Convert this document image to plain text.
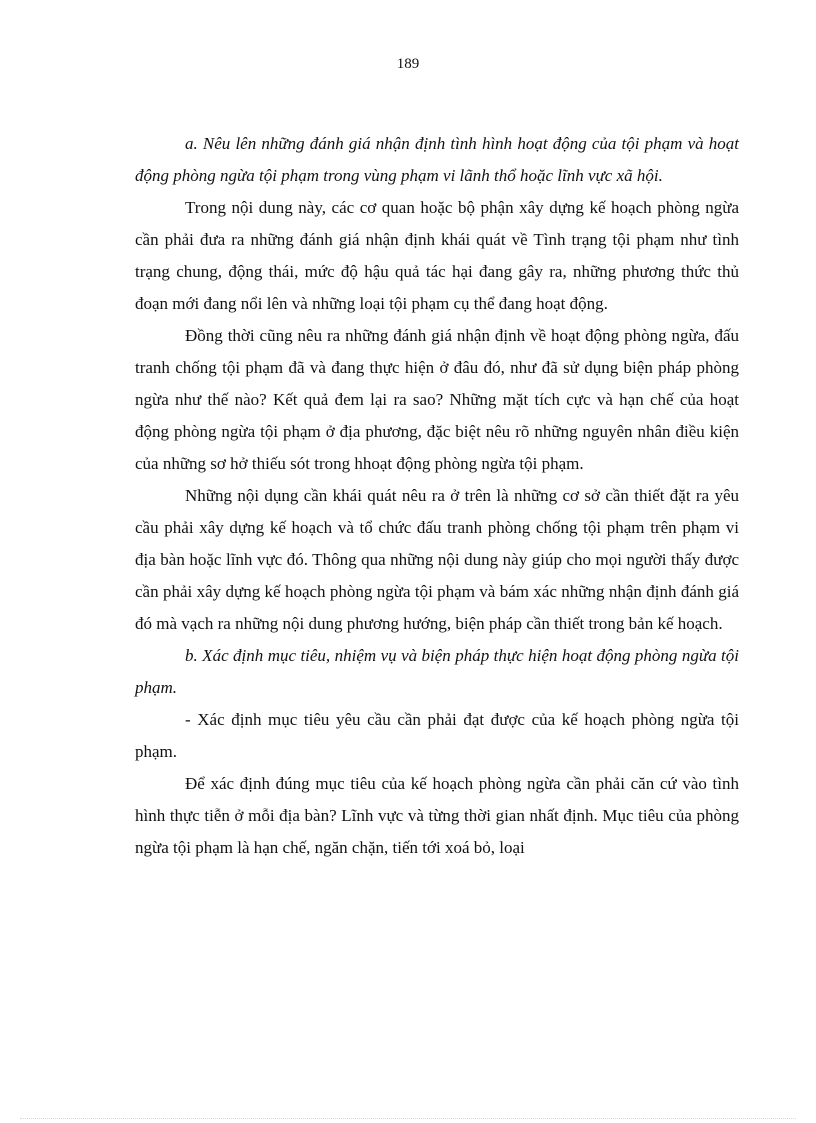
189

a. Nêu lên những đánh giá nhận định tình hình hoạt động của tội phạm và hoạt động phòng ngừa tội phạm trong vùng phạm vi lãnh thổ hoặc lĩnh vực xã hội.

Trong nội dung này, các cơ quan hoặc bộ phận xây dựng kế hoạch phòng ngừa cần phải đưa ra những đánh giá nhận định khái quát về Tình trạng tội phạm như tình trạng chung, động thái, mức độ hậu quả tác hại đang gây ra, những phương thức thủ đoạn mới đang nổi lên và những loại tội phạm cụ thể đang hoạt động.

Đồng thời cũng nêu ra những đánh giá nhận định về hoạt động phòng ngừa, đấu tranh chống tội phạm đã và đang thực hiện ở đâu đó, như đã sử dụng biện pháp phòng ngừa như thế nào? Kết quả đem lại ra sao? Những mặt tích cực và hạn chế của hoạt động phòng ngừa tội phạm ở địa phương, đặc biệt nêu rõ những nguyên nhân điều kiện của những sơ hở thiếu sót trong hhoạt động phòng ngừa tội phạm.

Những nội dụng cần khái quát nêu ra ở trên là những cơ sở cần thiết đặt ra yêu cầu phải xây dựng kế hoạch và tổ chức đấu tranh phòng chống tội phạm trên phạm vi địa bàn hoặc lĩnh vực đó. Thông qua những nội dung này giúp cho mọi người thấy được cần phải xây dựng kế hoạch phòng ngừa tội phạm và bám xác những nhận định đánh giá đó mà vạch ra những nội dung phương hướng, biện pháp cần thiết trong bản kế hoạch.

b. Xác định mục tiêu, nhiệm vụ và biện pháp thực hiện hoạt động phòng ngừa tội phạm.

- Xác định mục tiêu yêu cầu cần phải đạt được của kế hoạch phòng ngừa tội phạm.

Để xác định đúng mục tiêu của kế hoạch phòng ngừa cần phải căn cứ vào tình hình thực tiễn ở mỗi địa bàn? Lĩnh vực và từng thời gian nhất định. Mục tiêu của phòng ngừa tội phạm là hạn chế, ngăn chặn, tiến tới xoá bỏ, loại
